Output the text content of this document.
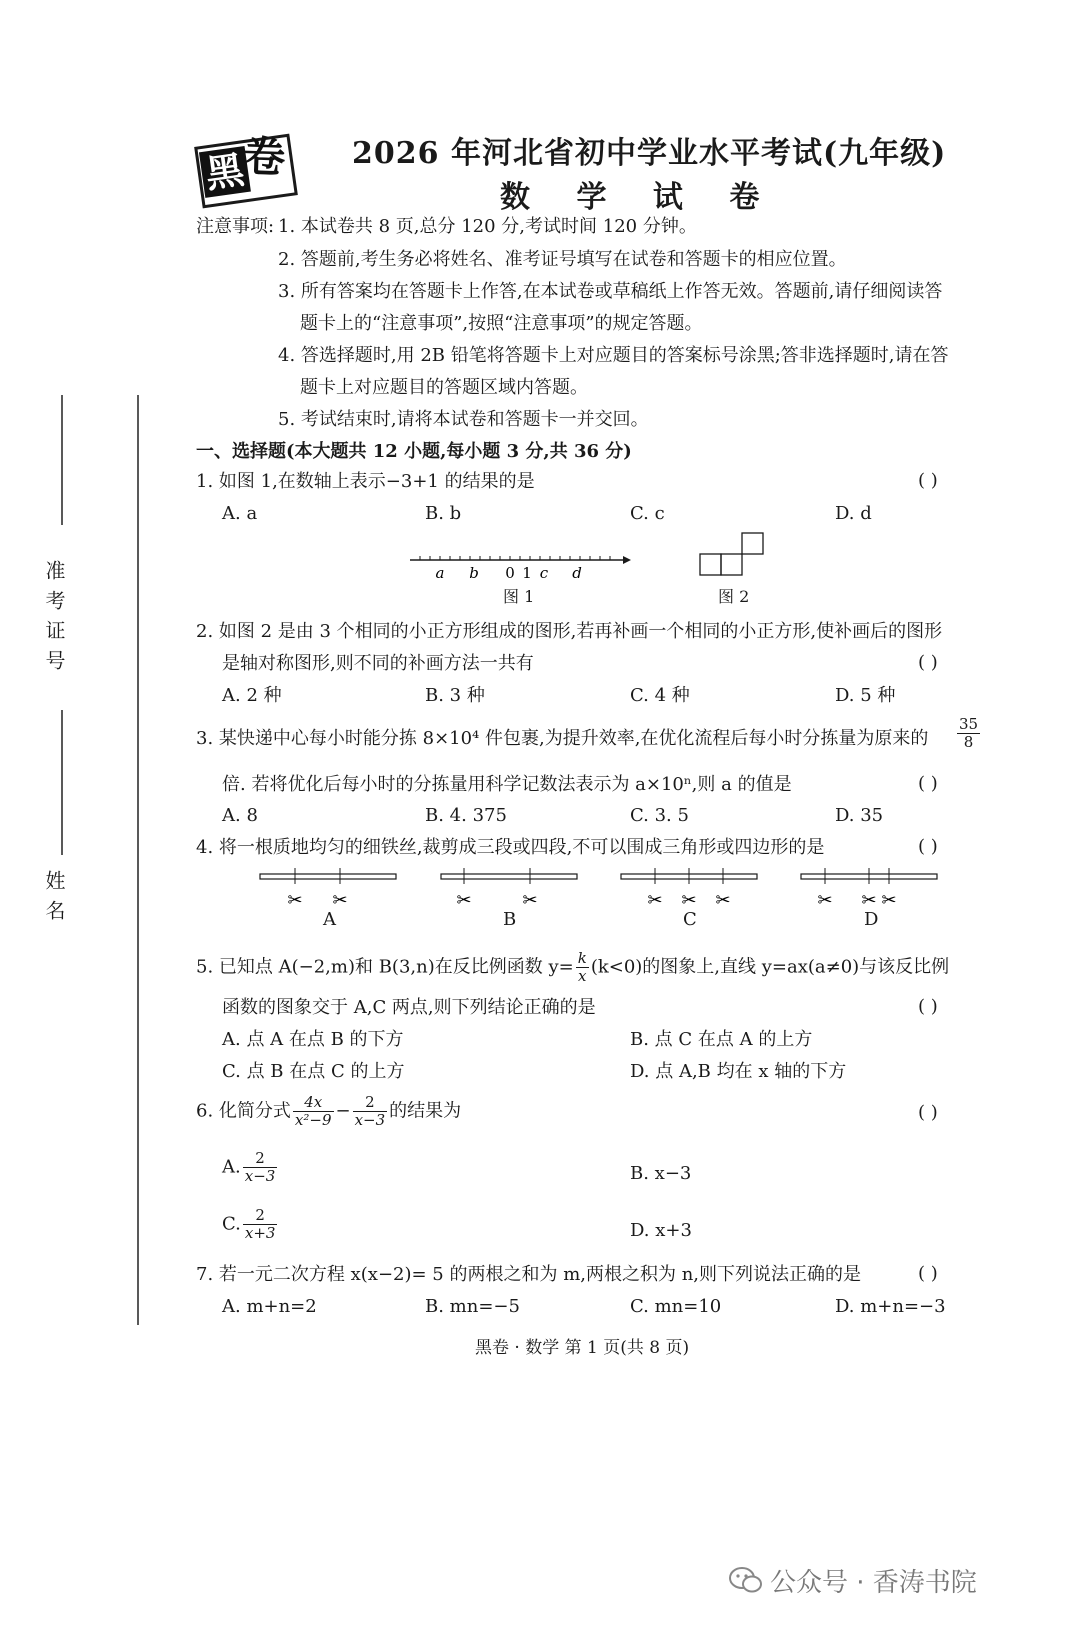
准考证号
姓名
黑
卷 2026 年河北省初中学业水平考试(九年级)
数 学 试 卷
注意事项: 1. 本试卷共 8 页,总分 120 分,考试时间 120 分钟。
2. 答题前,考生务必将姓名、准考证号填写在试卷和答题卡的相应位置。
3. 所有答案均在答题卡上作答,在本试卷或草稿纸上作答无效。答题前,请仔细阅读答
题卡上的“注意事项”,按照“注意事项”的规定答题。
4. 答选择题时,用 2B 铅笔将答题卡上对应题目的答案标号涂黑;答非选择题时,请在答
题卡上对应题目的答题区域内答题。
5. 考试结束时,请将本试卷和答题卡一并交回。
一、选择题(本大题共 12 小题,每小题 3 分,共 36 分)
1. 如图 1,在数轴上表示−3+1 的结果的是	( )
A. a	B. b	C. c	D. d
a b 0 1 c d
图 1	图 2
2. 如图 2 是由 3 个相同的小正方形组成的图形,若再补画一个相同的小正方形,使补画后的图形
是轴对称图形,则不同的补画方法一共有	( )
A. 2 种	B. 3 种	C. 4 种	D. 5 种
3. 某快递中心每小时能分拣 8×10⁴ 件包裹,为提升效率,在优化流程后每小时分拣量为原来的 $\frac{35}{8}$
倍. 若将优化后每小时的分拣量用科学记数法表示为 a×10ⁿ,则 a 的值是	( )
A. 8	B. 4. 375	C. 3. 5	D. 35
4. 将一根质地均匀的细铁丝,裁剪成三段或四段,不可以围成三角形或四边形的是	( )
✂ ✂	✂	✂	✂ ✂ ✂	✂ ✂ ✂
A	B	C	D
5. 已知点 A(−2,m)和 B(3,n)在反比例函数 $y= \frac{k}{x} (k<0)$的图象上,直线 y=ax(a≠0)与该反比例
函数的图象交于 A,C 两点,则下列结论正确的是	( )
A. 点 A 在点 B 的下方	B. 点 C 在点 A 的上方
C. 点 B 在点 C 的上方	D. 点 A,B 均在 x 轴的下方
6. 化简分式 $\frac{4x}{\text{x²−9}} - \frac{2}{x-3}$ 的结果为	( )
A. $\frac{2}{x-3}$	B. x−3
C. $\frac{2}{x+3}$	D. x+3
7. 若一元二次方程 x(x−2)= 5 的两根之和为 m,两根之积为 n,则下列说法正确的是	( )
A. m+n=2	B. mn=−5	C. mn=10	D. m+n=−3
黑卷 · 数学 第 1 页(共 8 页)
公众号 · 香涛书院
